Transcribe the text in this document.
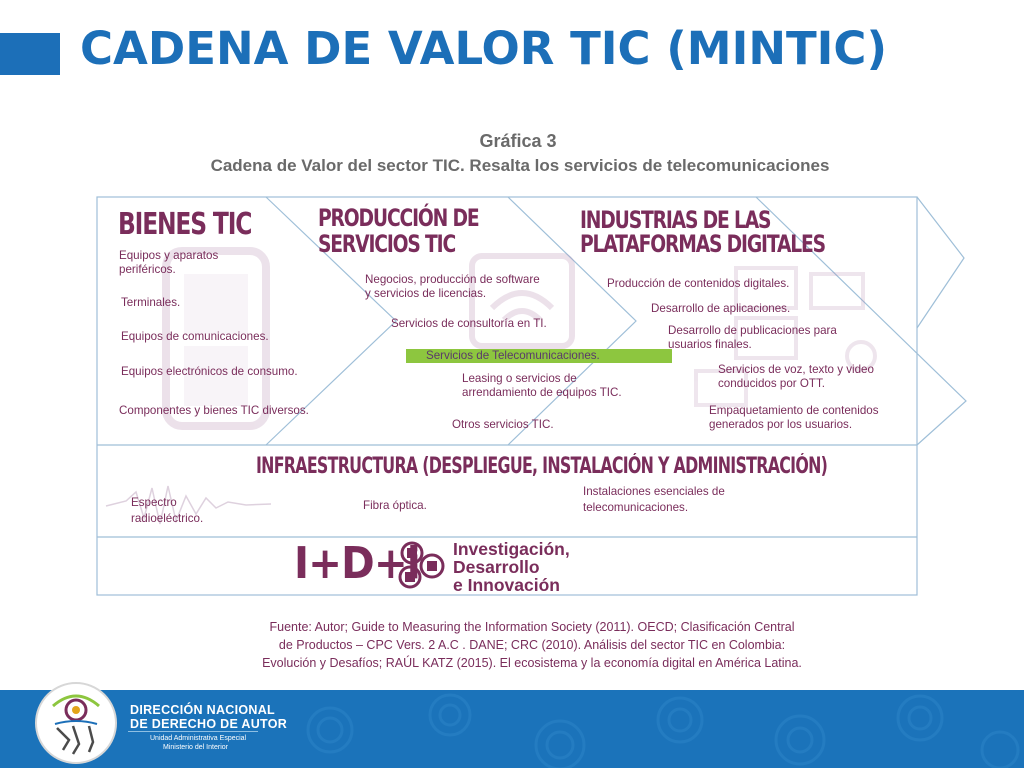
CADENA DE VALOR TIC (MINTIC)
Gráfica 3
Cadena de Valor del sector TIC. Resalta los servicios de telecomunicaciones
BIENES TIC
Equipos y aparatos
periféricos.
Terminales.
Equipos de comunicaciones.
Equipos electrónicos de consumo.
Componentes y bienes TIC diversos.
PRODUCCIÓN DE
SERVICIOS TIC
Negocios, producción de software
y servicios de licencias.
Servicios de consultoría en TI.
Servicios de Telecomunicaciones.
Leasing o servicios de
arrendamiento de equipos TIC.
Otros servicios TIC.
INDUSTRIAS DE LAS
PLATAFORMAS DIGITALES
Producción de contenidos digitales.
Desarrollo de aplicaciones.
Desarrollo de publicaciones para
usuarios finales.
Servicios de voz, texto y video
conducidos por OTT.
Empaquetamiento de contenidos
generados por los usuarios.
INFRAESTRUCTURA (DESPLIEGUE, INSTALACIÓN Y ADMINISTRACIÓN)
Espectro
radioeléctrico.
Fibra óptica.
Instalaciones esenciales de
telecomunicaciones.
I+D+i Investigación,
Desarrollo
e Innovación
Fuente: Autor; Guide to Measuring the Information Society (2011). OECD; Clasificación Central
de Productos – CPC Vers. 2 A.C . DANE; CRC (2010). Análisis del sector TIC en Colombia:
Evolución y Desafíos; RAÚL KATZ (2015). El ecosistema y la economía digital en América Latina.
DIRECCIÓN NACIONAL
DE DERECHO DE AUTOR
Unidad Administrativa Especial
Ministerio del Interior
